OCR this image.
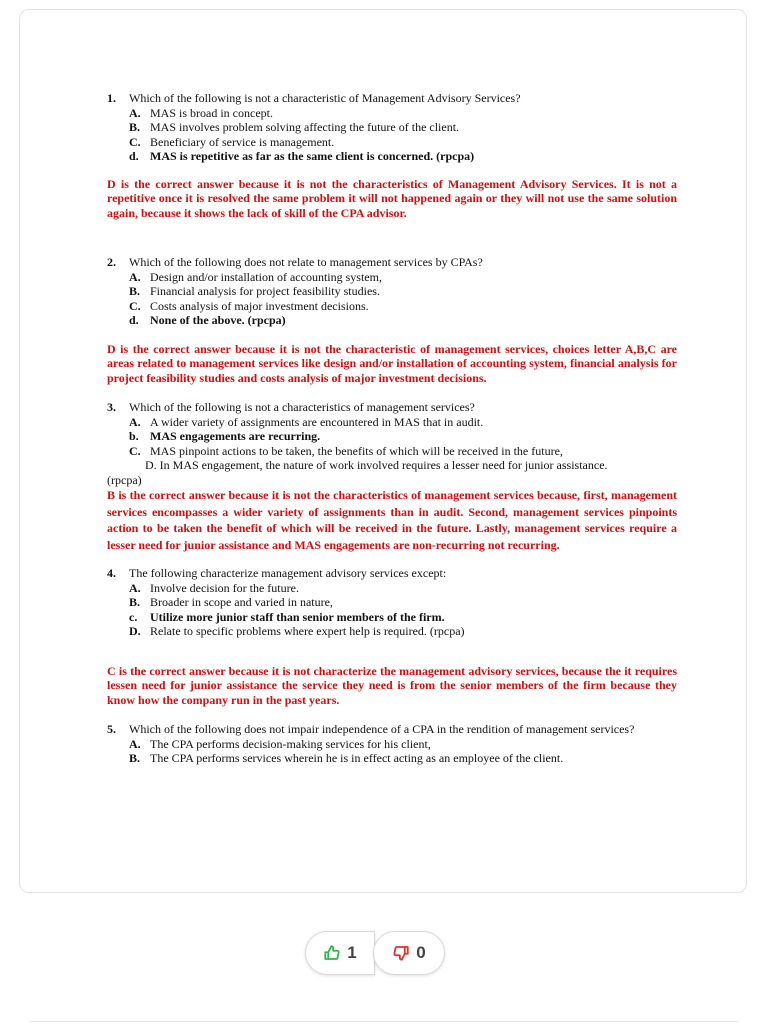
1.	Which of the following is not a characteristic of Management Advisory Services?
A. MAS is broad in concept.
B. MAS involves problem solving affecting the future of the client.
C. Beneficiary of service is management.
d. MAS is repetitive as far as the same client is concerned. (rpcpa)
D is the correct answer because it is not the characteristics of Management Advisory Services. It is not a repetitive once it is resolved the same problem it will not happened again or they will not use the same solution again, because it shows the lack of skill of the CPA advisor.
2.	Which of the following does not relate to management services by CPAs?
A. Design and/or installation of accounting system,
B. Financial analysis for project feasibility studies.
C. Costs analysis of major investment decisions.
d. None of the above. (rpcpa)
D is the correct answer because it is not the characteristic of management services, choices letter A,B,C are areas related to management services like design and/or installation of accounting system, financial analysis for project feasibility studies and costs analysis of major investment decisions.
3.	Which of the following is not a characteristics of management services?
A. A wider variety of assignments are encountered in MAS that in audit.
b. MAS engagements are recurring.
C. MAS pinpoint actions to be taken, the benefits of which will be received in the future,
D. In MAS engagement, the nature of work involved requires a lesser need for junior assistance.
(rpcpa)
B is the correct answer because it is not the characteristics of management services because, first, management services encompasses a wider variety of assignments than in audit. Second, management services pinpoints action to be taken the benefit of which will be received in the future. Lastly, management services require a lesser need for junior assistance and MAS engagements are non-recurring not recurring.
4.	The following characterize management advisory services except:
A. Involve decision for the future.
B. Broader in scope and varied in nature,
c.	Utilize more junior staff than senior members of the firm.
D. Relate to specific problems where expert help is required. (rpcpa)
C is the correct answer because it is not characterize the management advisory services, because the it requires lessen need for junior assistance the service they need is from the senior members of the firm because they know how the company run in the past years.
5.	Which of the following does not impair independence of a CPA in the rendition of management services?
A. The CPA performs decision-making services for his client,
B. The CPA performs services wherein he is in effect acting as an employee of the client.
1	0
